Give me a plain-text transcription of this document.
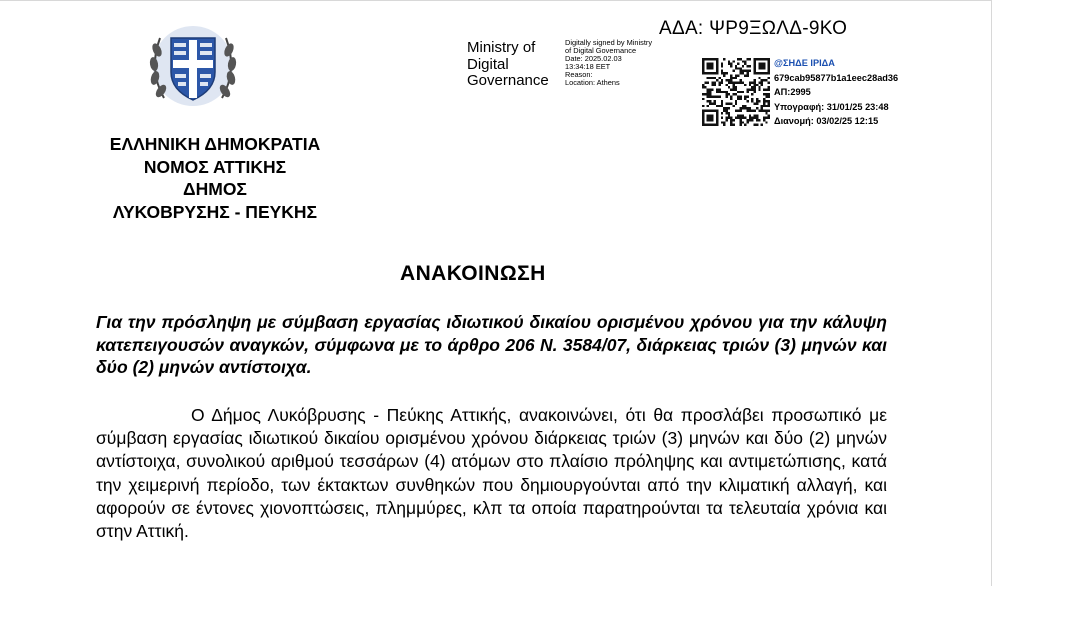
ΑΔΑ: ΨΡ9ΞΩΛΔ-9ΚΟ
ΕΛΛΗΝΙΚΗ ΔΗΜΟΚΡΑΤΙΑ
ΝΟΜΟΣ ΑΤΤΙΚΗΣ
ΔΗΜΟΣ
ΛΥΚΟΒΡΥΣΗΣ - ΠΕΥΚΗΣ
Ministry of
Digital
Governance
Digitally signed by Ministry
of Digital Governance
Date: 2025.02.03
13:34:18 EET
Reason:
Location: Athens
@ΣΗΔΕ ΙΡΙΔΑ
679cab95877b1a1eec28ad36
ΑΠ:2995
Υπογραφή: 31/01/25 23:48
Διανομή: 03/02/25 12:15
ΑΝΑΚΟΙΝΩΣΗ
Για την πρόσληψη με σύμβαση εργασίας ιδιωτικού δικαίου ορισμένου χρόνου για την κάλυψη κατεπειγουσών αναγκών, σύμφωνα με το άρθρο 206 Ν. 3584/07, διάρκειας τριών (3) μηνών και δύο (2) μηνών αντίστοιχα.
Ο Δήμος Λυκόβρυσης - Πεύκης Αττικής, ανακοινώνει, ότι θα προσλάβει προσωπικό με σύμβαση εργασίας ιδιωτικού δικαίου ορισμένου χρόνου διάρκειας τριών (3) μηνών και δύο (2) μηνών αντίστοιχα, συνολικού αριθμού τεσσάρων (4) ατόμων στο πλαίσιο πρόληψης και αντιμετώπισης, κατά την χειμερινή περίοδο, των έκτακτων συνθηκών που δημιουργούνται από την κλιματική αλλαγή, και αφορούν σε έντονες χιονοπτώσεις, πλημμύρες, κλπ τα οποία παρατηρούνται τα τελευταία χρόνια και στην Αττική.
